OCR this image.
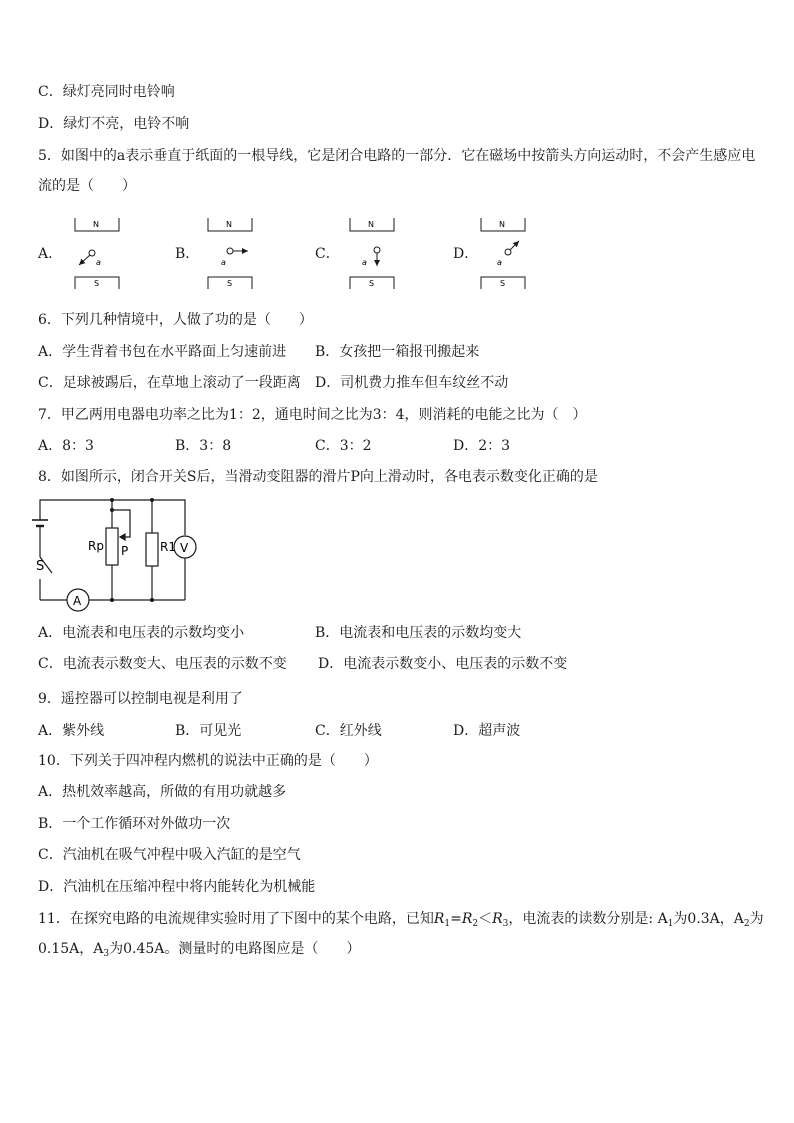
C．绿灯亮同时电铃响
D．绿灯不亮，电铃不响
5．如图中的a表示垂直于纸面的一根导线，它是闭合电路的一部分．它在磁场中按箭头方向运动时，不会产生感应电
流的是（　　）
A．	B．	C．	D．
N
S
a
N
S
a
N
S
a
N
S
a
6．下列几种情境中，人做了功的是（　　）
A．学生背着书包在水平路面上匀速前进 B．女孩把一箱报刊搬起来
C．足球被踢后，在草地上滚动了一段距离 D．司机费力推车但车纹丝不动
7．甲乙两用电器电功率之比为1：2，通电时间之比为3：4，则消耗的电能之比为（　）
A．8：3	B．3：8	C．3：2	D．2：3
8．如图所示，闭合开关S后，当滑动变阻器的滑片P向上滑动时，各电表示数变化正确的是
Rp P	R1 V
A
S
A．电流表和电压表的示数均变小	B．电流表和电压表的示数均变大
C．电流表示数变大、电压表的示数不变 D．电流表示数变小、电压表的示数不变
9．遥控器可以控制电视是利用了
A．紫外线	B．可见光	C．红外线	D．超声波
10．下列关于四冲程内燃机的说法中正确的是（　　）
A．热机效率越高，所做的有用功就越多
B．一个工作循环对外做功一次
C．汽油机在吸气冲程中吸入汽缸的是空气
D．汽油机在压缩冲程中将内能转化为机械能
11．在探究电路的电流规律实验时用了下图中的某个电路，已知$R_1=R_2<R_3$，电流表的读数分别是: $A_1$为0.3A，$A_2$为
0.15A，$A_3$为0.45A。测量时的电路图应是（　　）
